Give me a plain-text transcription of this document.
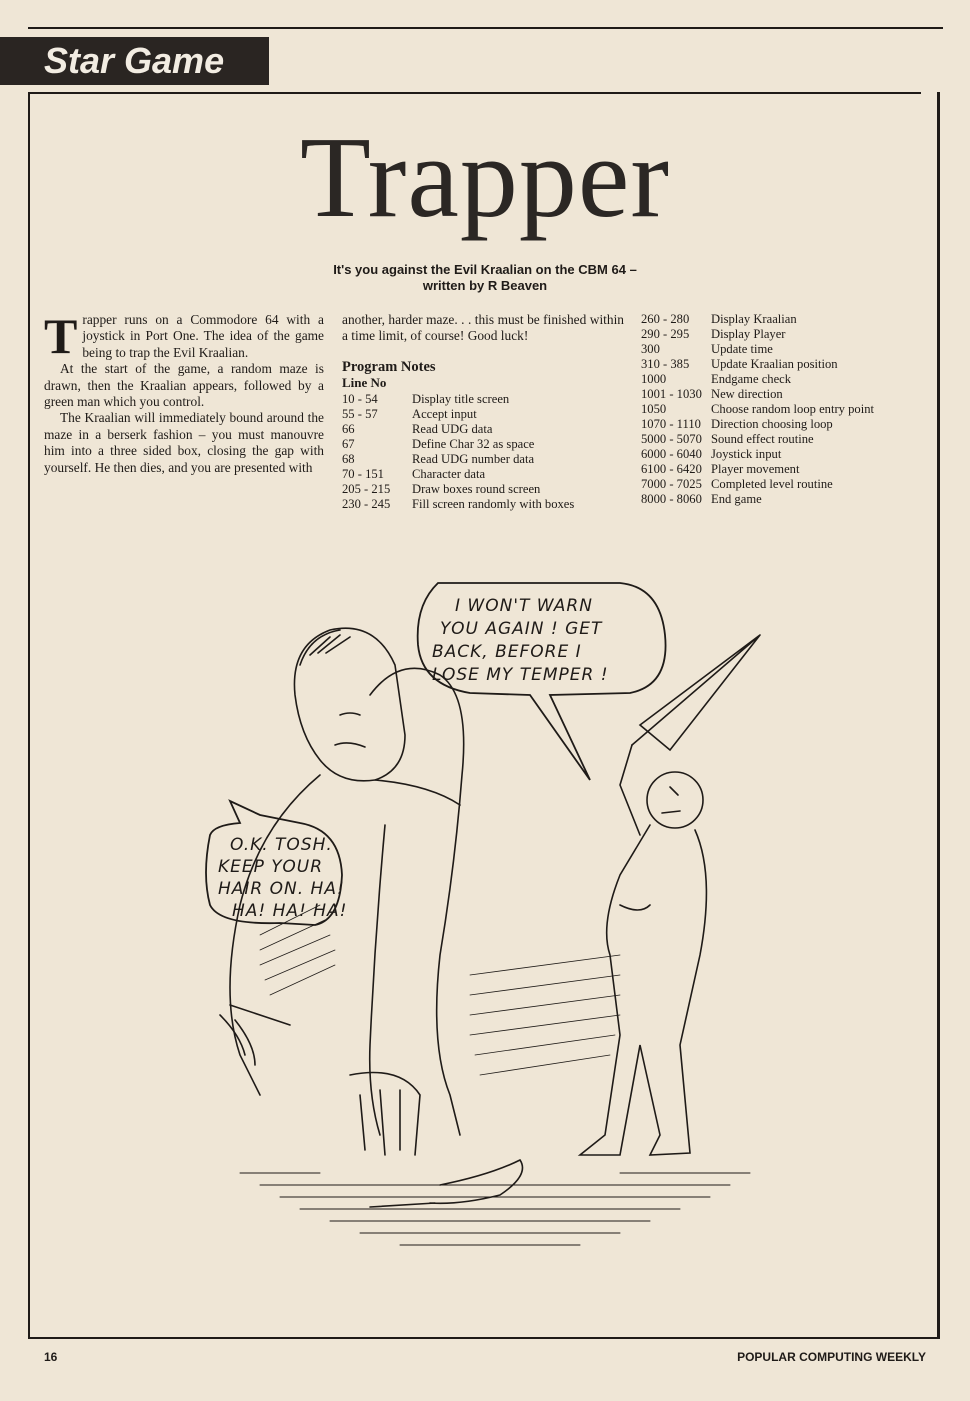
Star Game
Trapper
It's you against the Evil Kraalian on the CBM 64 –
written by R Beaven

Trapper runs on a Commodore 64 with a joystick in Port One. The idea of the game being to trap the Evil Kraalian.

At the start of the game, a random maze is drawn, then the Kraalian appears, followed by a green man which you control.

The Kraalian will immediately bound around the maze in a berserk fashion – you must manouvre him into a three sided box, closing the gap with yourself. He then dies, and you are presented with

another, harder maze. . . this must be finished within a time limit, of course! Good luck!

Program Notes
Line No
10 - 54	Display title screen
55 - 57	Accept input
66	Read UDG data
67	Define Char 32 as space
68	Read UDG number data
70 - 151	Character data
205 - 215	Draw boxes round screen
230 - 245	Fill screen randomly with boxes
260 - 280	Display Kraalian
290 - 295	Display Player
300	Update time
310 - 385	Update Kraalian position
1000	Endgame check
1001 - 1030 New direction
1050	Choose random loop entry point
1070 - 1110 Direction choosing loop
5000 - 5070 Sound effect routine
6000 - 6040 Joystick input
6100 - 6420 Player movement
7000 - 7025 Completed level routine
8000 - 8060 End game
I WON'T WARN
YOU AGAIN ! GET
BACK, BEFORE I
LOSE MY TEMPER !
O.K. TOSH.
KEEP YOUR
HAIR ON. HA!
HA! HA! HA!
16	POPULAR COMPUTING WEEKLY
